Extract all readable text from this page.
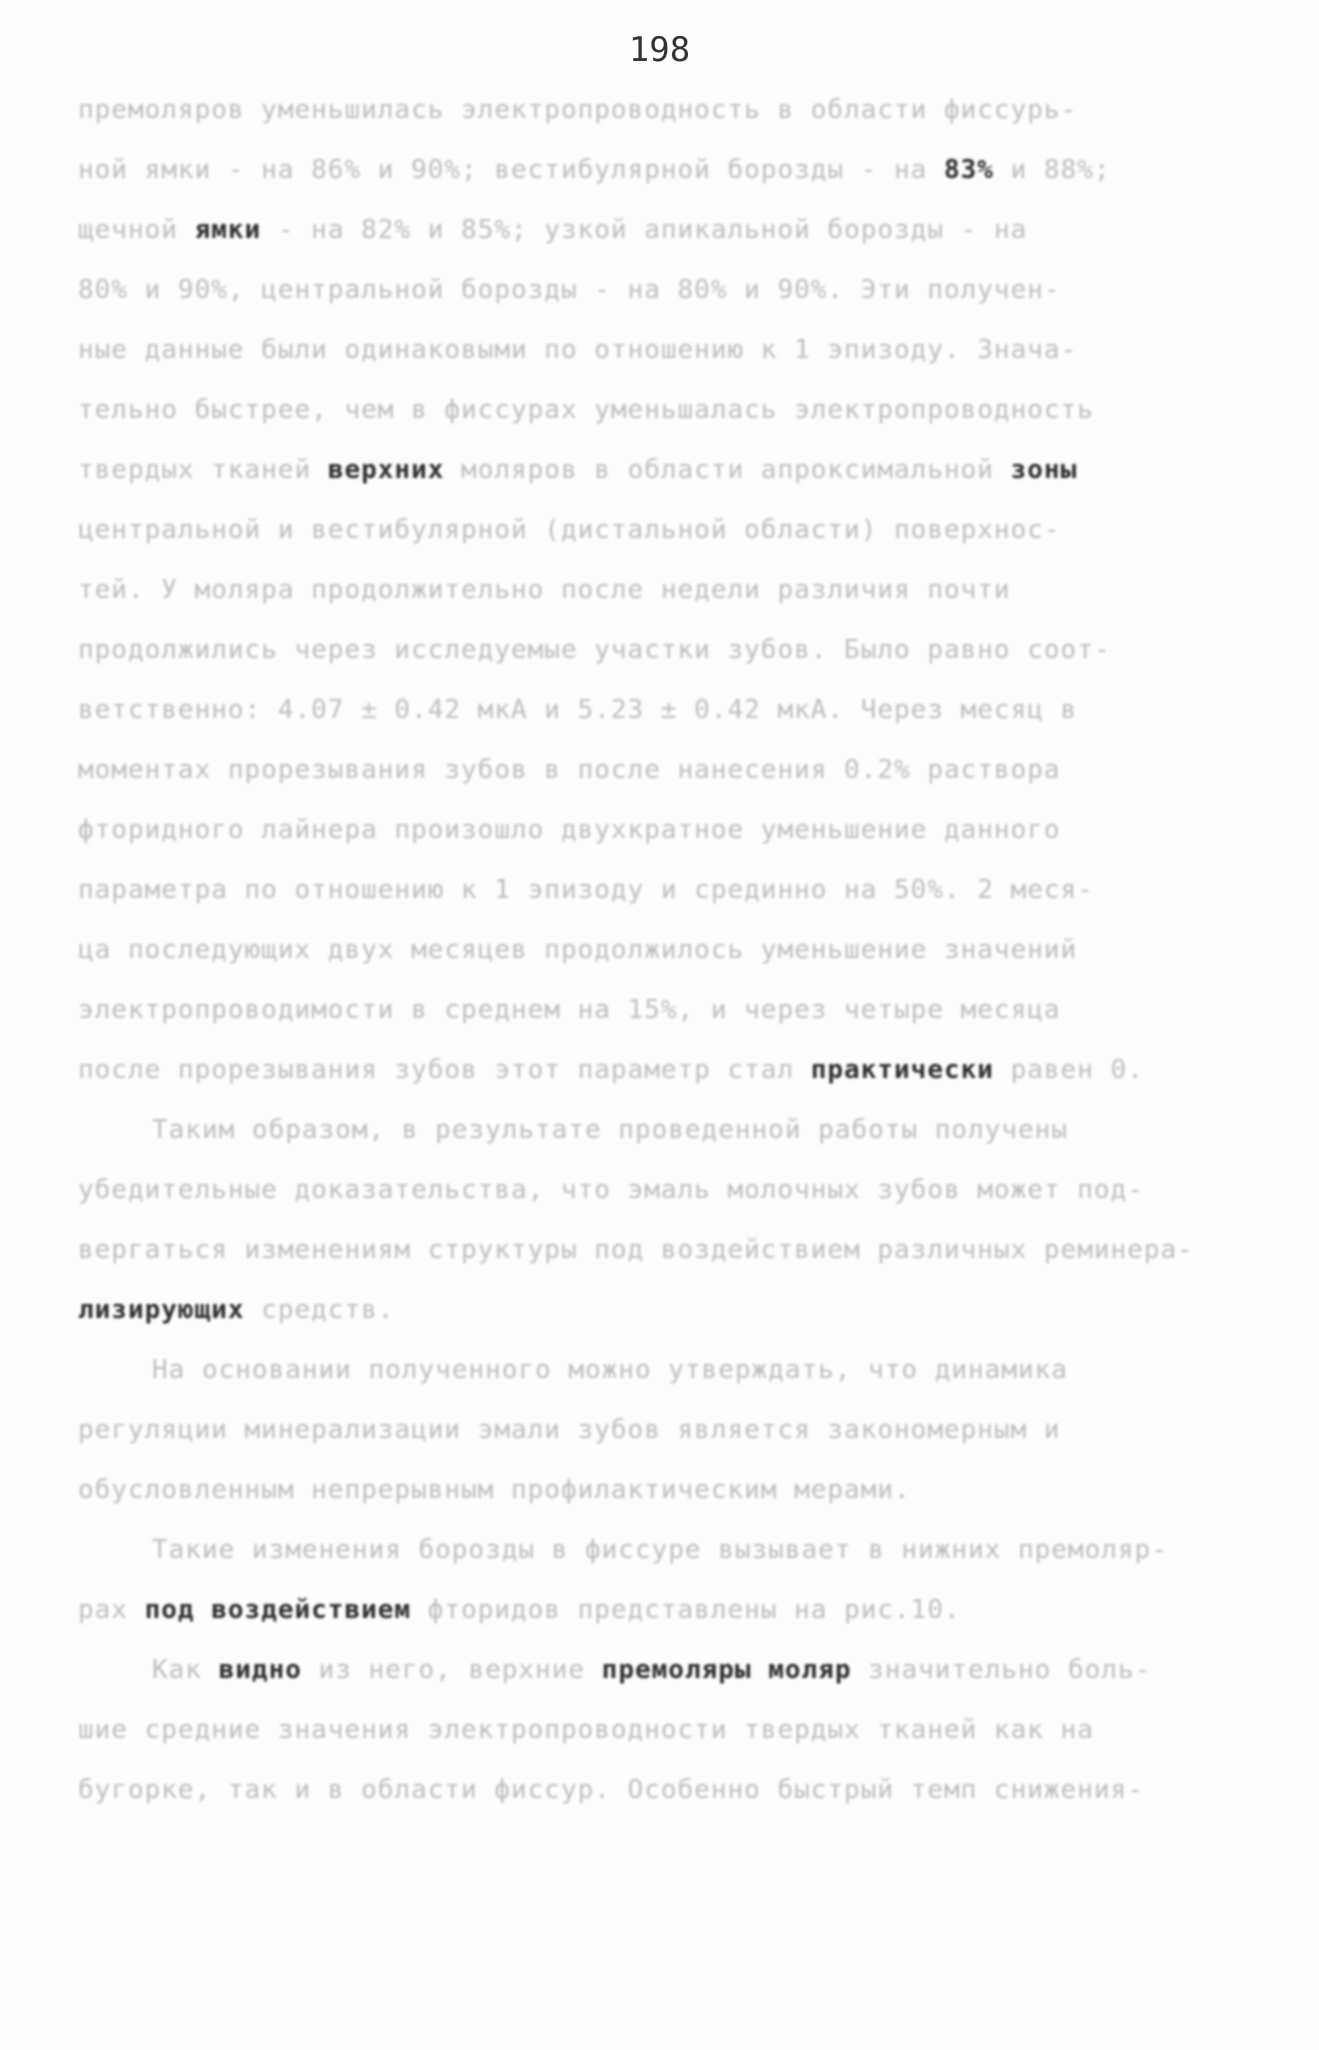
198
премоляров уменьшилась электропроводность в области фиссурь-
ной ямки - на 86% и 90%; вестибулярной борозды - на 83% и 88%;
щечной ямки - на 82% и 85%; узкой апикальной борозды - на
80% и 90%, центральной борозды - на 80% и 90%. Эти получен-
ные данные были одинаковыми по отношению к 1 эпизоду. Знача-
тельно быстрее, чем в фиссурах уменьшалась электропроводность
твердых тканей верхних моляров в области апроксимальной зоны
центральной и вестибулярной (дистальной области) поверхнос-
тей. У моляра продолжительно после недели различия почти
продолжились через исследуемые участки зубов. Было равно соот-
ветственно: 4.07 ± 0.42 мкА и 5.23 ± 0.42 мкА. Через месяц в
моментах прорезывания зубов в после нанесения 0.2% раствора
фторидного лайнера произошло двухкратное уменьшение данного
параметра по отношению к 1 эпизоду и срединно на 50%. 2 меся-
ца последующих двух месяцев продолжилось уменьшение значений
электропроводимости в среднем на 15%, и через четыре месяца
после прорезывания зубов этот параметр стал практически равен 0.
Таким образом, в результате проведенной работы получены
убедительные доказательства, что эмаль молочных зубов может под-
вергаться изменениям структуры под воздействием различных реминера-
лизирующих средств.
На основании полученного можно утверждать, что динамика
регуляции минерализации эмали зубов является закономерным и
обусловленным непрерывным профилактическим мерами.
Такие изменения борозды в фиссуре вызывает в нижних премоляр-
рах под воздействием фторидов представлены на рис.10.
Как видно из него, верхние премоляры моляр значительно боль-
шие средние значения электропроводности твердых тканей как на
бугорке, так и в области фиссур. Особенно быстрый темп снижения-
